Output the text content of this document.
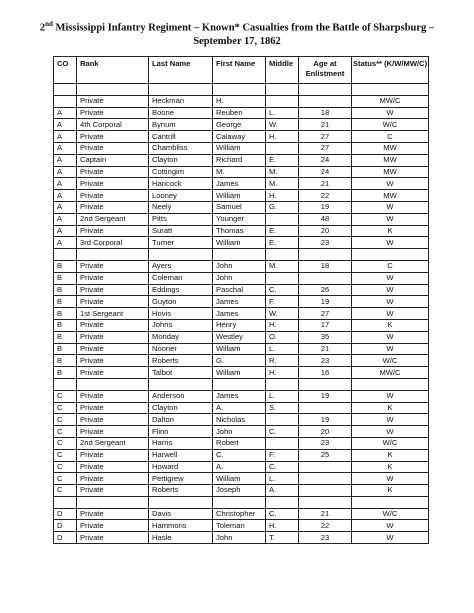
2nd Mississippi Infantry Regiment – Known* Casualties from the Battle of Sharpsburg –
September 17, 1862
CO	Rank	Last Name	First Name	Middle	Age at Enlistment	Status** (K/W/MW/C)

	Private	Heckman	H.			MW/C
A	Private	Boone	Reuben	L.	18	W
A	4th Corporal	Bynum	George	W.	21	W/C
A	Private	Cantrill	Calaway	H.	27	C
A	Private	Chambliss	William		27	MW
A	Captain	Clayton	Richard	E.	24	MW
A	Private	Cottingim	M.	M.	24	MW
A	Private	Hancock	James	M.	21	W
A	Private	Looney	William	H.	22	MW
A	Private	Neely	Samuel	G.	19	W
A	2nd Sergeant	Pitts	Younger		48	W
A	Private	Suratt	Thomas	E.	20	K
A	3rd Corporal	Turner	William	E.	23	W

B	Private	Ayers	John	M.	18	C
B	Private	Coleman	John			W
B	Private	Eddings	Paschal	C.	26	W
B	Private	Guyton	James	F.	19	W
B	1st Sergeant	Hovis	James	W.	27	W
B	Private	Johns	Henry	H.	17	K
B	Private	Monday	Westley	O.	35	W
B	Private	Nooner	William	L.	21	W
B	Private	Roberts	G.	R.	23	W/C
B	Private	Talbot	William	H.	16	MW/C

C	Private	Anderson	James	L.	19	W
C	Private	Clayton	A.	S.		K
C	Private	Dalton	Nicholas		19	W
C	Private	Flinn	John	C.	20	W
C	2nd Sergeant	Harris	Robert		23	W/C
C	Private	Harwell	C.	F.	25	K
C	Private	Howard	A.	C.		K
C	Private	Pettigrew	William	L.		W
C	Private	Roberts	Joseph	A.		K

D	Private	Davis	Christopher	C.	21	W/C
D	Private	Hammons	Toleman	H.	22	W
D	Private	Hasle	John	T.	23	W
